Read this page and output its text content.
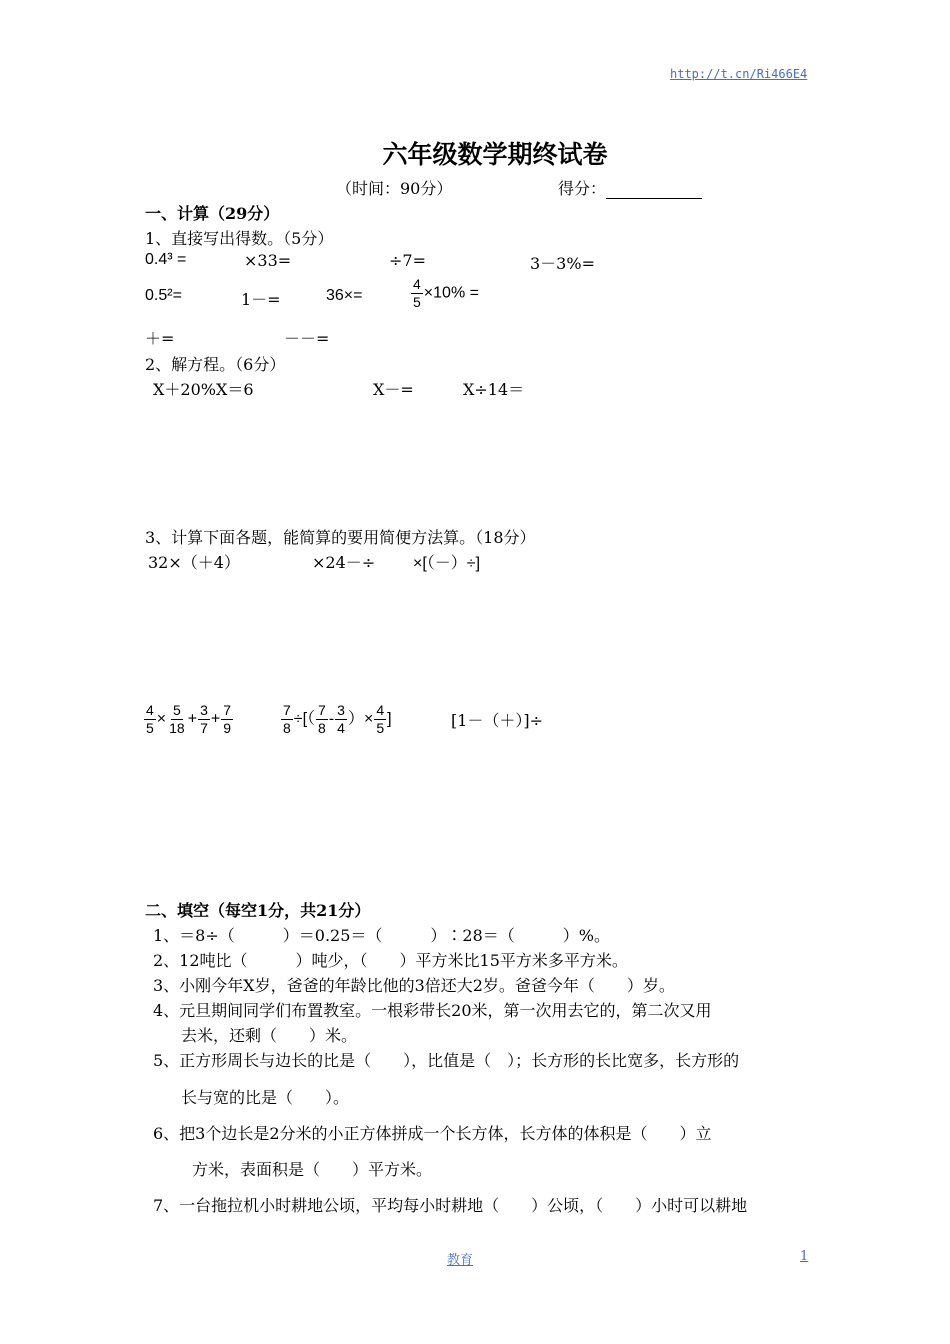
http://t.cn/Ri466E4
六年级数学期终试卷
（时间：90分）	得分：
一、计算（29分）
1、直接写出得数。（5分）
0.4³ =	×33=	÷7=	3－3%=
0.5²=	1－=	36×=	$\frac{4}{5} \times 10\%$ =
＋=	－－=
2、解方程。（6分）
X＋20%X＝6	X－=	X÷14＝
3、计算下面各题，能简算的要用简便方法算。（18分）
32×（＋4）	×24－÷ ×[（－）÷]
$\frac{4}{5} \times \frac{5}{18} + \frac{3}{7} + \frac{7}{9}$	$\frac{7}{8}$ ÷[（ $\frac{7}{8} - \frac{3}{4}$ ）× $\frac{4}{5}$ ]	[1－（＋）]÷
二、填空（每空1分，共21分）
1、＝8÷（　　　）＝0.25＝（　　　）∶28＝（　　　）%。
2、12吨比（　　　）吨少，（　　）平方米比15平方米多平方米。
3、小刚今年X岁，爸爸的年龄比他的3倍还大2岁。爸爸今年（　　）岁。
4、元旦期间同学们布置教室。一根彩带长20米，第一次用去它的，第二次又用
去米，还剩（　　）米。
5、正方形周长与边长的比是（　　），比值是（　）；长方形的长比宽多，长方形的
长与宽的比是（　　）。
6、把3个边长是2分米的小正方体拼成一个长方体，长方体的体积是（　　）立
方米，表面积是（　　）平方米。
7、一台拖拉机小时耕地公顷，平均每小时耕地（　　）公顷，（　　）小时可以耕地
教育	1
